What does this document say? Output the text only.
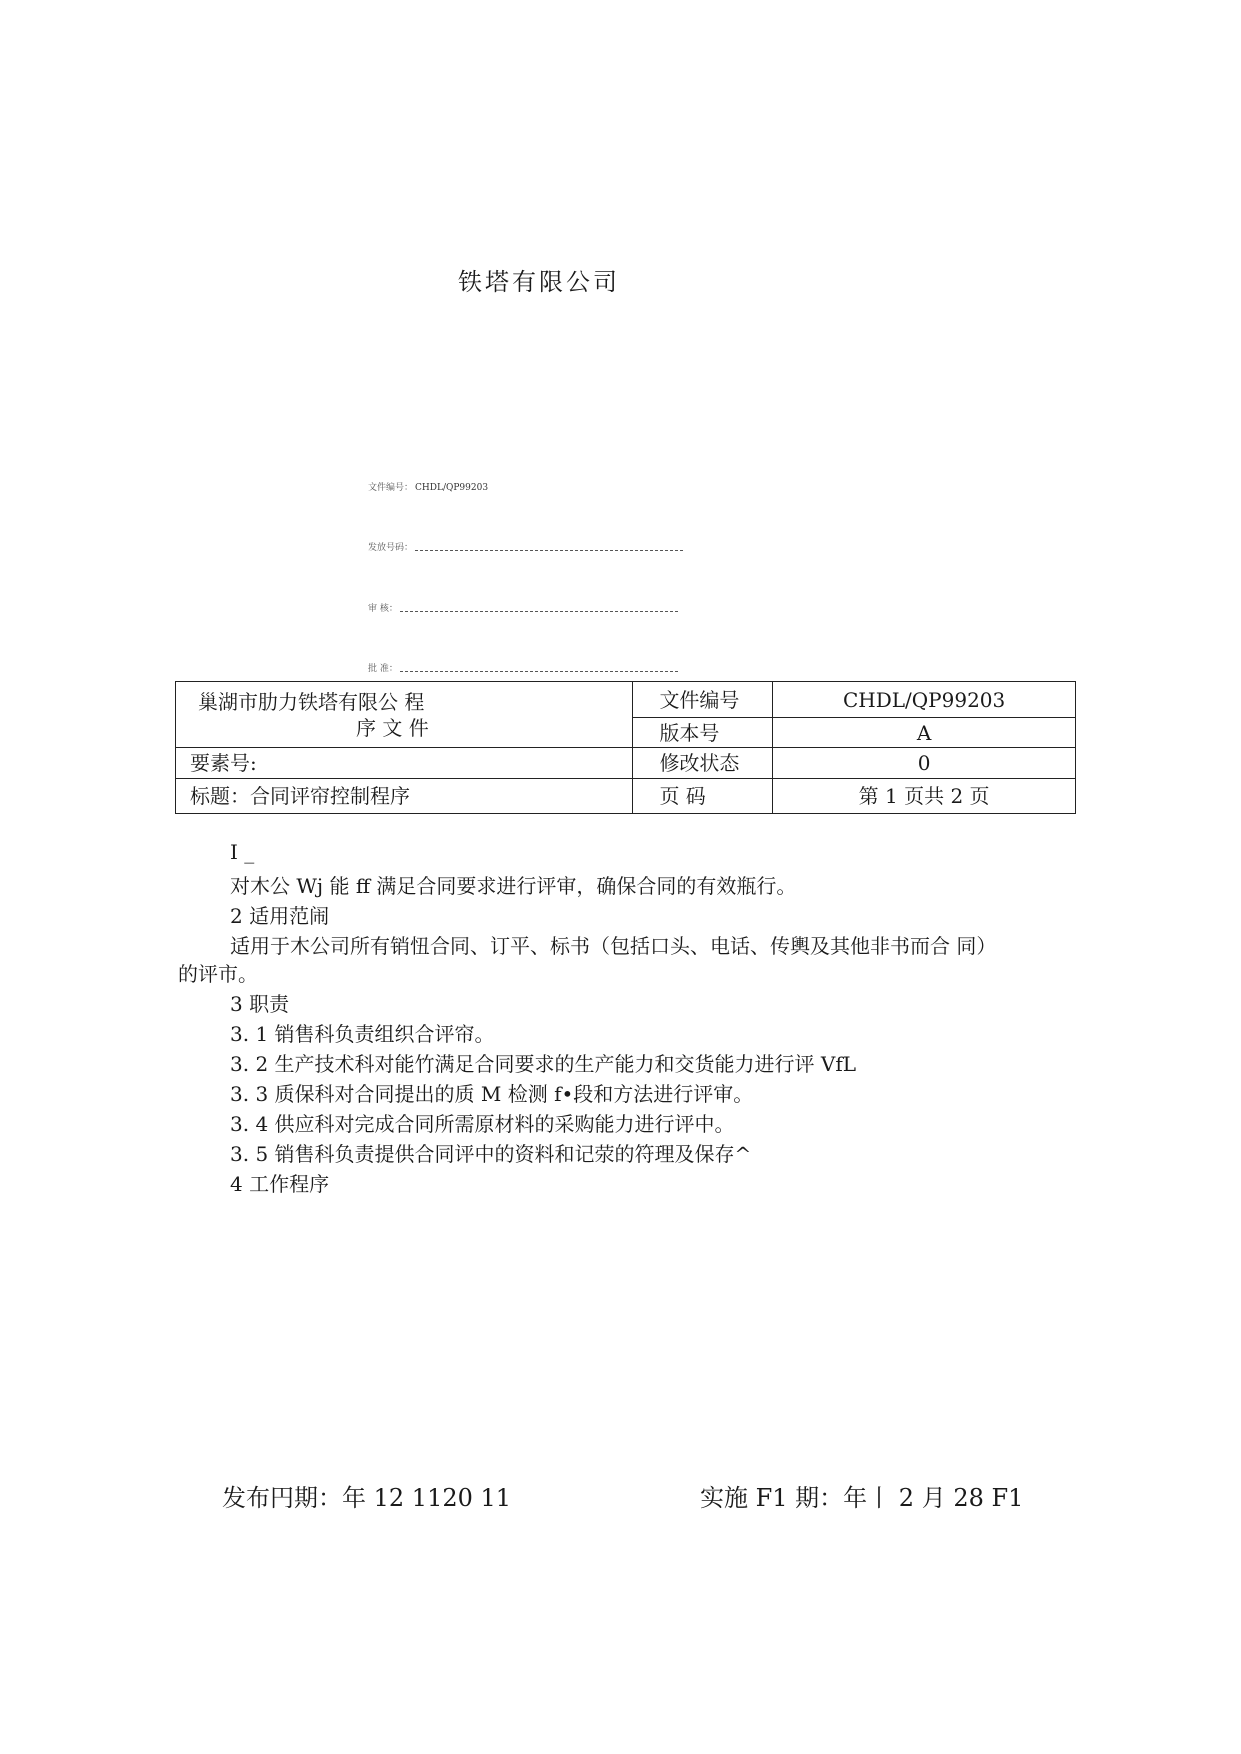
铁塔有限公司
文件编号： CHDL/QP99203
发放号码：
审 核：
批 准：
巢湖市肋力铁塔有限公 程
序 文 件	文件编号	CHDL/QP99203
	版本号	A
要素号:	修改状态	0
标题：合同评帘控制程序	页 码	第 1 页共 2 页
I _
对木公 Wj 能 ff 满足合同要求进行评审，确保合同的有效瓶行。
2 适用范闹
适用于木公司所有销忸合同、订平、标书（包括口头、电话、传輿及其他非书而合 同）
的评市。
3 职责
3. 1 销售科负责组织合评帘。
3. 2 生产技术科对能竹满足合同要求的生产能力和交货能力进行评 VfL
3. 3 质保科对合同提出的质 M 检测 f•段和方法进行评审。
3. 4 供应科对完成合同所需原材料的采购能力进行评中。
3. 5 销售科负责提供合同评中的资料和记荥的符理及保存^
4 工作程序
发布円期：年 12 1120 11	实施 F1 期：年丨 2 月 28 F1
